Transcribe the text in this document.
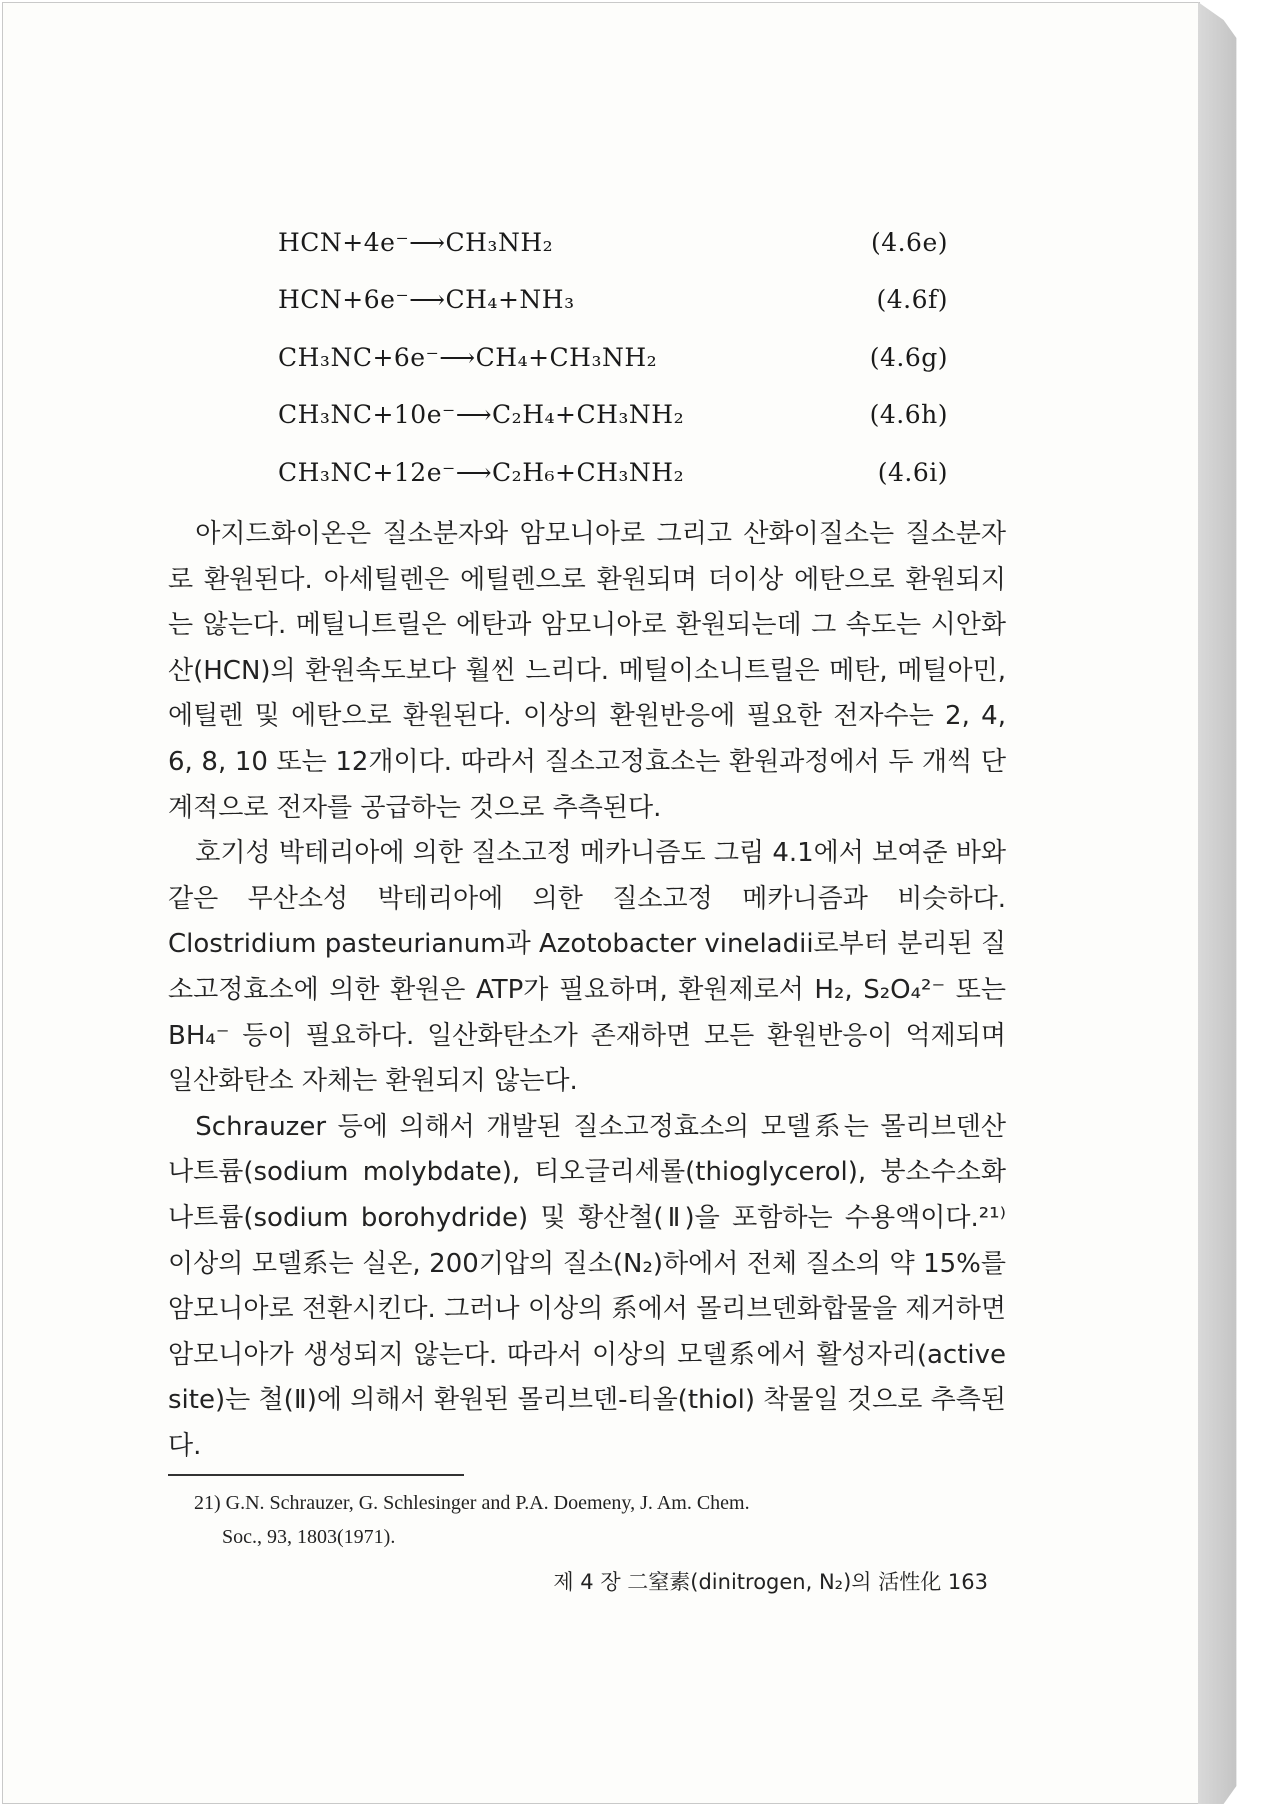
HCN+4e⁻⟶CH₃NH₂	(4.6e)
HCN+6e⁻⟶CH₄+NH₃	(4.6f)
CH₃NC+6e⁻⟶CH₄+CH₃NH₂	(4.6g)
CH₃NC+10e⁻⟶C₂H₄+CH₃NH₂	(4.6h)
CH₃NC+12e⁻⟶C₂H₆+CH₃NH₂	(4.6i)

아지드화이온은 질소분자와 암모니아로 그리고 산화이질소는 질소분자로 환원된다. 아세틸렌은 에틸렌으로 환원되며 더이상 에탄으로 환원되지는 않는다. 메틸니트릴은 에탄과 암모니아로 환원되는데 그 속도는 시안화산(HCN)의 환원속도보다 훨씬 느리다. 메틸이소니트릴은 메탄, 메틸아민, 에틸렌 및 에탄으로 환원된다. 이상의 환원반응에 필요한 전자수는 2, 4, 6, 8, 10 또는 12개이다. 따라서 질소고정효소는 환원과정에서 두 개씩 단계적으로 전자를 공급하는 것으로 추측된다.

호기성 박테리아에 의한 질소고정 메카니즘도 그림 4.1에서 보여준 바와 같은 무산소성 박테리아에 의한 질소고정 메카니즘과 비슷하다. Clostridium pasteurianum과 Azotobacter vineladii로부터 분리된 질소고정효소에 의한 환원은 ATP가 필요하며, 환원제로서 H₂, S₂O₄²⁻ 또는 BH₄⁻ 등이 필요하다. 일산화탄소가 존재하면 모든 환원반응이 억제되며 일산화탄소 자체는 환원되지 않는다.

Schrauzer 등에 의해서 개발된 질소고정효소의 모델系는 몰리브덴산 나트륨(sodium molybdate), 티오글리세롤(thioglycerol), 붕소수소화 나트륨(sodium borohydride) 및 황산철(Ⅱ)을 포함하는 수용액이다.²¹⁾ 이상의 모델系는 실온, 200기압의 질소(N₂)하에서 전체 질소의 약 15%를 암모니아로 전환시킨다. 그러나 이상의 系에서 몰리브덴화합물을 제거하면 암모니아가 생성되지 않는다. 따라서 이상의 모델系에서 활성자리(active site)는 철(Ⅱ)에 의해서 환원된 몰리브덴-티올(thiol) 착물일 것으로 추측된다.

21) G.N. Schrauzer, G. Schlesinger and P.A. Doemeny, J. Am. Chem.
Soc., 93, 1803(1971).
제 4 장 二窒素(dinitrogen, N₂)의 活性化 163
